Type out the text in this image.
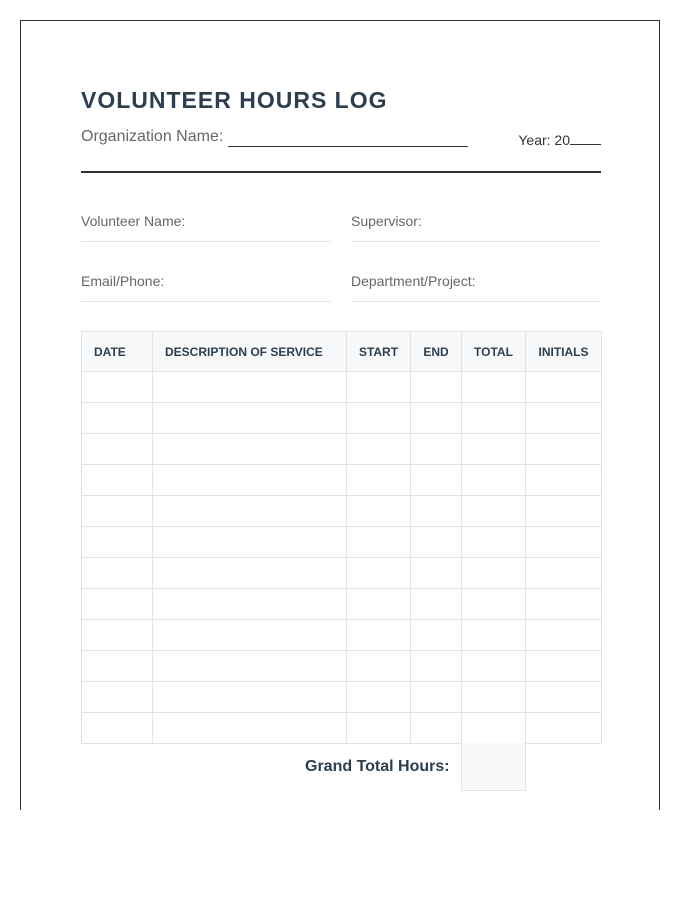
VOLUNTEER HOURS LOG
Organization Name:	Year: 20
Volunteer Name:	Supervisor:
Email/Phone:	Department/Project:
DATE	DESCRIPTION OF SERVICE	START	END	TOTAL	INITIALS

Grand Total Hours:
